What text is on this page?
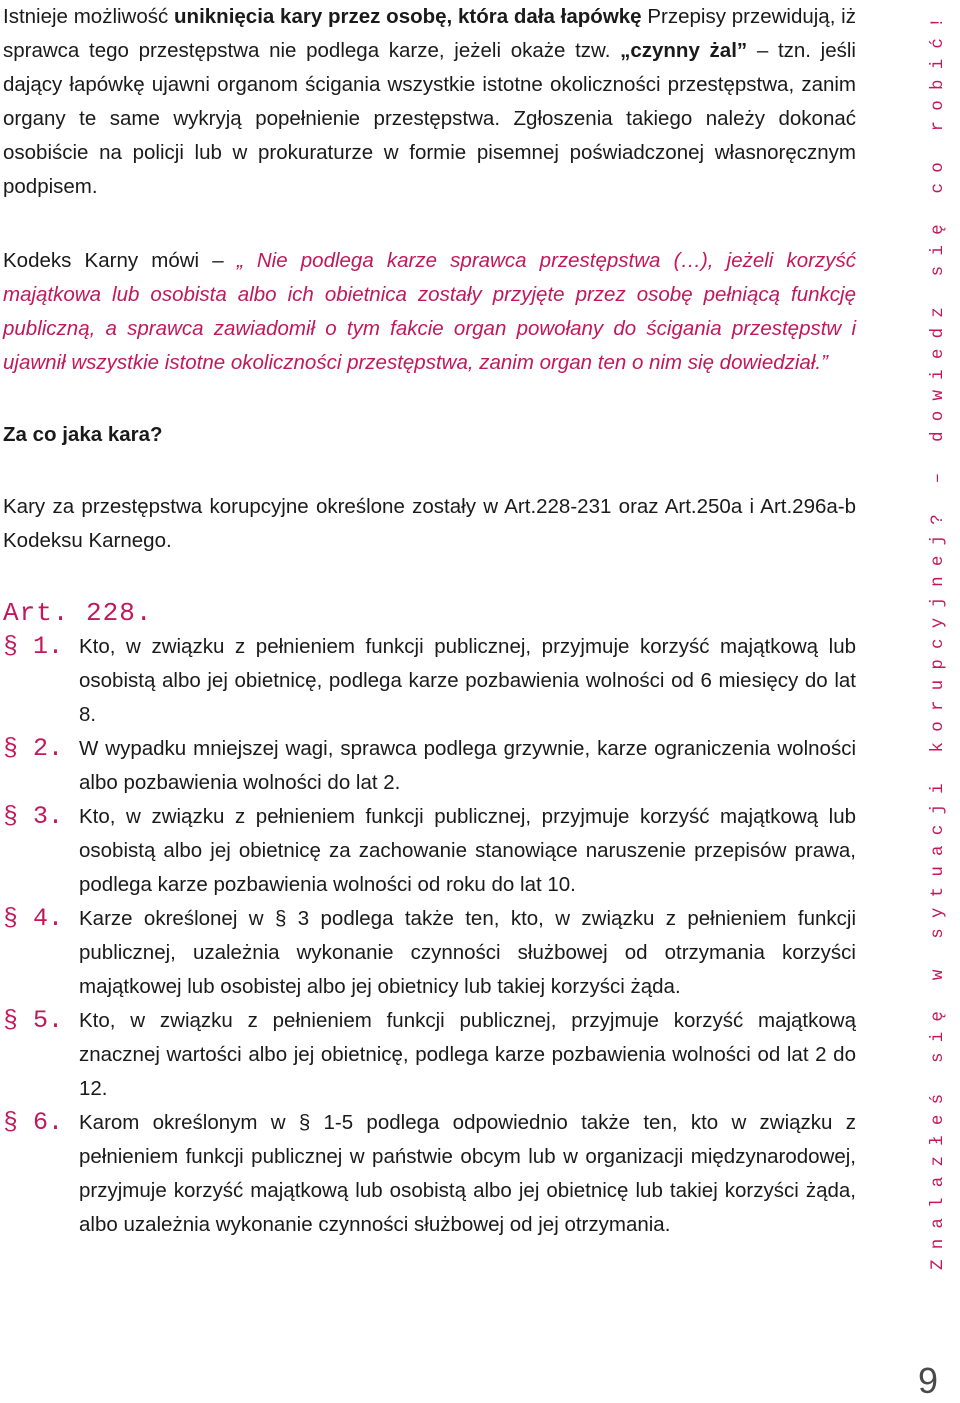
Istnieje możliwość uniknięcia kary przez osobę, która dała łapówkę Przepisy przewidują, iż sprawca tego przestępstwa nie podlega karze, jeżeli okaże tzw. „czynny żal” – tzn. jeśli dający łapówkę ujawni organom ścigania wszystkie istotne okoliczności przestępstwa, zanim organy te same wykryją popełnienie przestępstwa. Zgłoszenia takiego należy dokonać osobiście na policji lub w prokuraturze w formie pisemnej poświadczonej własnoręcznym podpisem.

Kodeks Karny mówi – „ Nie podlega karze sprawca przestępstwa (…), jeżeli korzyść majątkowa lub osobista albo ich obietnica zostały przyjęte przez osobę pełniącą funkcję publiczną, a sprawca zawiadomił o tym fakcie organ powołany do ścigania przestępstw i ujawnił wszystkie istotne okoliczności przestępstwa, zanim organ ten o nim się dowiedział.”

Za co jaka kara?

Kary za przestępstwa korupcyjne określone zostały w Art.228-231 oraz Art.250a i Art.296a-b Kodeksu Karnego.

Art. 228.

§ 1. Kto, w związku z pełnieniem funkcji publicznej, przyjmuje korzyść majątkową lub osobistą albo jej obietnicę, podlega karze pozbawienia wolności od 6 miesięcy do lat 8.

§ 2. W wypadku mniejszej wagi, sprawca podlega grzywnie, karze ograniczenia wolności albo pozbawienia wolności do lat 2.

§ 3. Kto, w związku z pełnieniem funkcji publicznej, przyjmuje korzyść majątkową lub osobistą albo jej obietnicę za zachowanie stanowiące naruszenie przepisów prawa, podlega karze pozbawienia wolności od roku do lat 10.

§ 4. Karze określonej w § 3 podlega także ten, kto, w związku z pełnieniem funkcji publicznej, uzależnia wykonanie czynności służbowej od otrzymania korzyści majątkowej lub osobistej albo jej obietnicy lub takiej korzyści żąda.

§ 5. Kto, w związku z pełnieniem funkcji publicznej, przyjmuje korzyść majątkową znacznej wartości albo jej obietnicę, podlega karze pozbawienia wolności od lat 2 do 12.

§ 6. Karom określonym w § 1-5 podlega odpowiednio także ten, kto w związku z pełnieniem funkcji publicznej w państwie obcym lub w organizacji międzynarodowej, przyjmuje korzyść majątkową lub osobistą albo jej obietnicę lub takiej korzyści żąda, albo uzależnia wykonanie czynności służbowej od jej otrzymania.	Znalazłeś się w sytuacji korupcyjnej? – dowiedz się co robić!
9
